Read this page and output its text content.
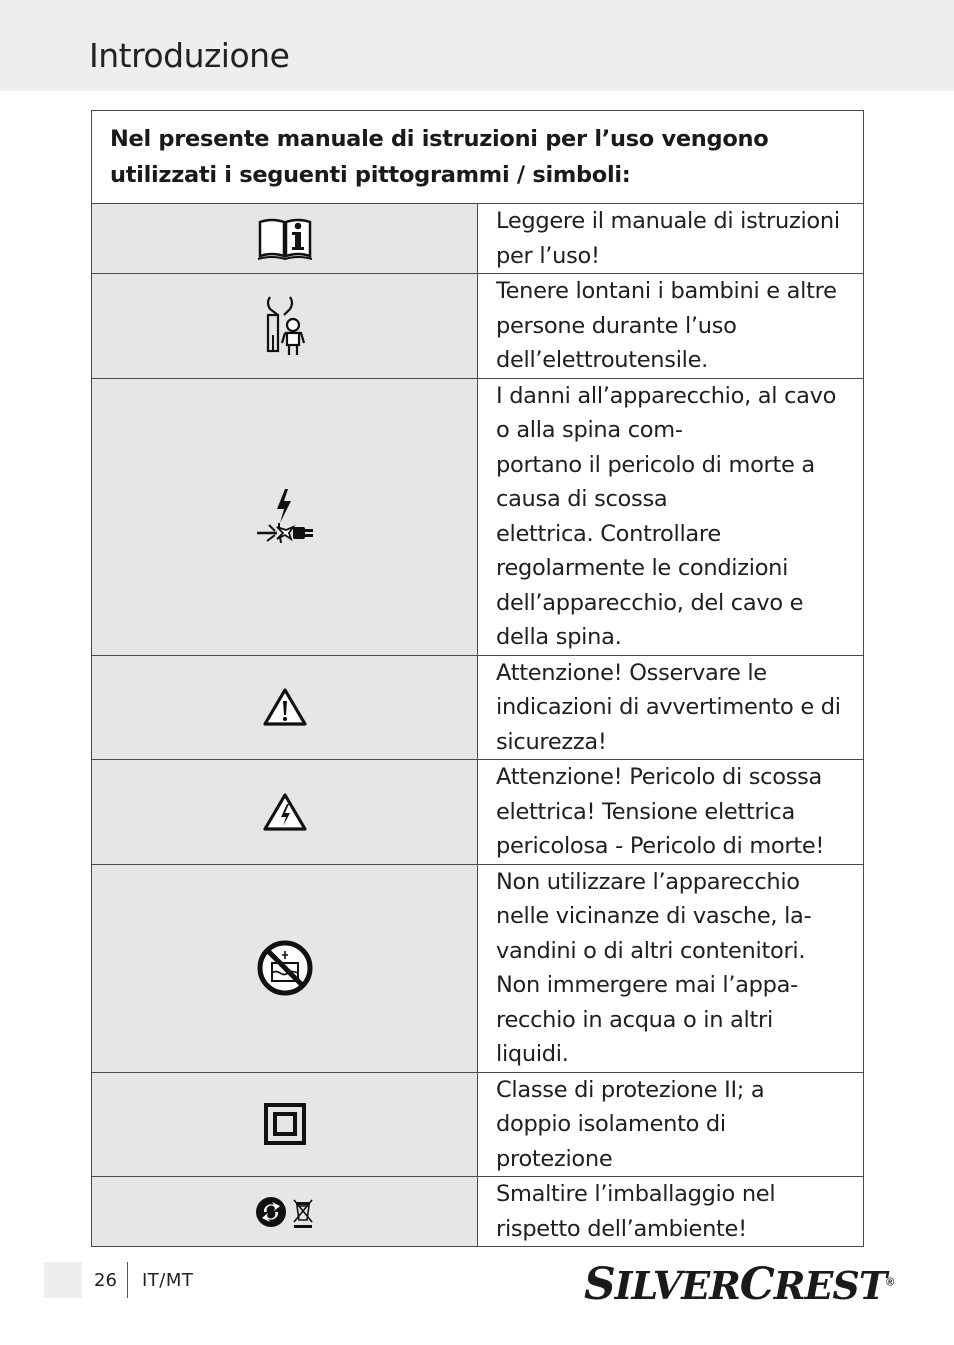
Introduzione
Nel presente manuale di istruzioni per l’uso vengono
utilizzati i seguenti pittogrammi / simboli:	

Leggere il manuale di istruzioni per l’uso!

Tenere lontani i bambini e altre persone durante l’uso
dell’elettroutensile.

I danni all’apparecchio, al cavo o alla spina com-
portano il pericolo di morte a causa di scossa
elettrica. Controllare regolarmente le condizioni
dell’apparecchio, del cavo e della spina.

Attenzione! Osservare le indicazioni di avvertimento e di
sicurezza!

Attenzione! Pericolo di scossa elettrica! Tensione elettrica
pericolosa - Pericolo di morte!

Non utilizzare l’apparecchio nelle vicinanze di vasche, la-
vandini o di altri contenitori. Non immergere mai l’appa-
recchio in acqua o in altri liquidi.

Classe di protezione II; a doppio isolamento di protezione

Smaltire l’imballaggio nel rispetto dell’ambiente!
26 IT/MT	SILVERCREST®
